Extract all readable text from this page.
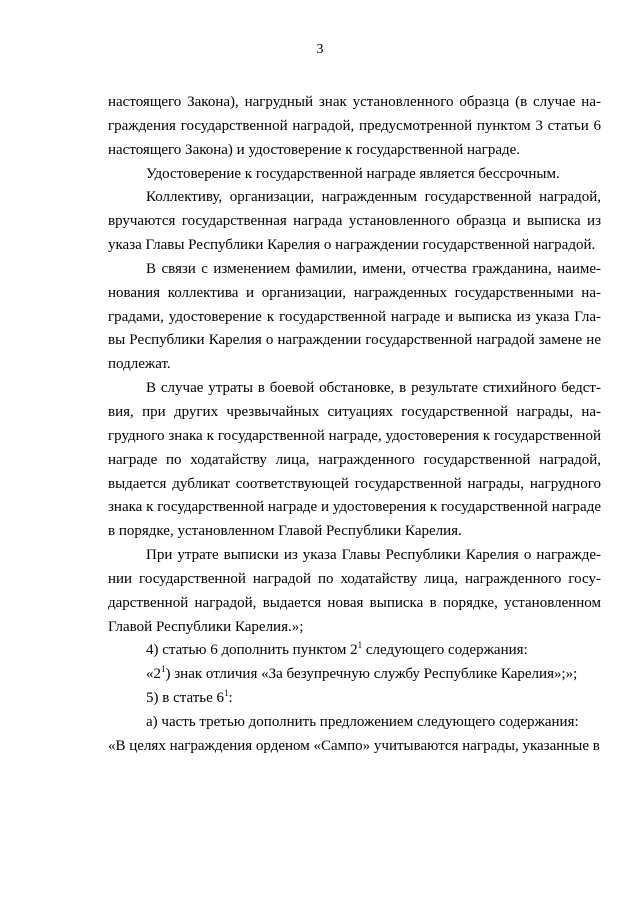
3

настоящего Закона), нагрудный знак установленного образца (в случае награждения государственной наградой, предусмотренной пунктом 3 статьи 6 настоящего Закона) и удостоверение к государственной награде.

Удостоверение к государственной награде является бессрочным.

Коллективу, организации, награжденным государственной наградой, вручаются государственная награда установленного образца и выписка из указа Главы Республики Карелия о награждении государственной наградой.

В связи с изменением фамилии, имени, отчества гражданина, наименования коллектива и организации, награжденных государственными наградами, удостоверение к государственной награде и выписка из указа Главы Республики Карелия о награждении государственной наградой замене не подлежат.

В случае утраты в боевой обстановке, в результате стихийного бедствия, при других чрезвычайных ситуациях государственной награды, нагрудного знака к государственной награде, удостоверения к государственной награде по ходатайству лица, награжденного государственной наградой, выдается дубликат соответствующей государственной награды, нагрудного знака к государственной награде и удостоверения к государственной награде в порядке, установленном Главой Республики Карелия.

При утрате выписки из указа Главы Республики Карелия о награждении государственной наградой по ходатайству лица, награжденного государственной наградой, выдается новая выписка в порядке, установленном Главой Республики Карелия.»;

4) статью 6 дополнить пунктом $2^1$ следующего содержания:

«$2^1$) знак отличия «За безупречную службу Республике Карелия»;»;

5) в статье $6^1$:

а) часть третью дополнить предложением следующего содержания:

«В целях награждения орденом «Сампо» учитываются награды, указанные в
